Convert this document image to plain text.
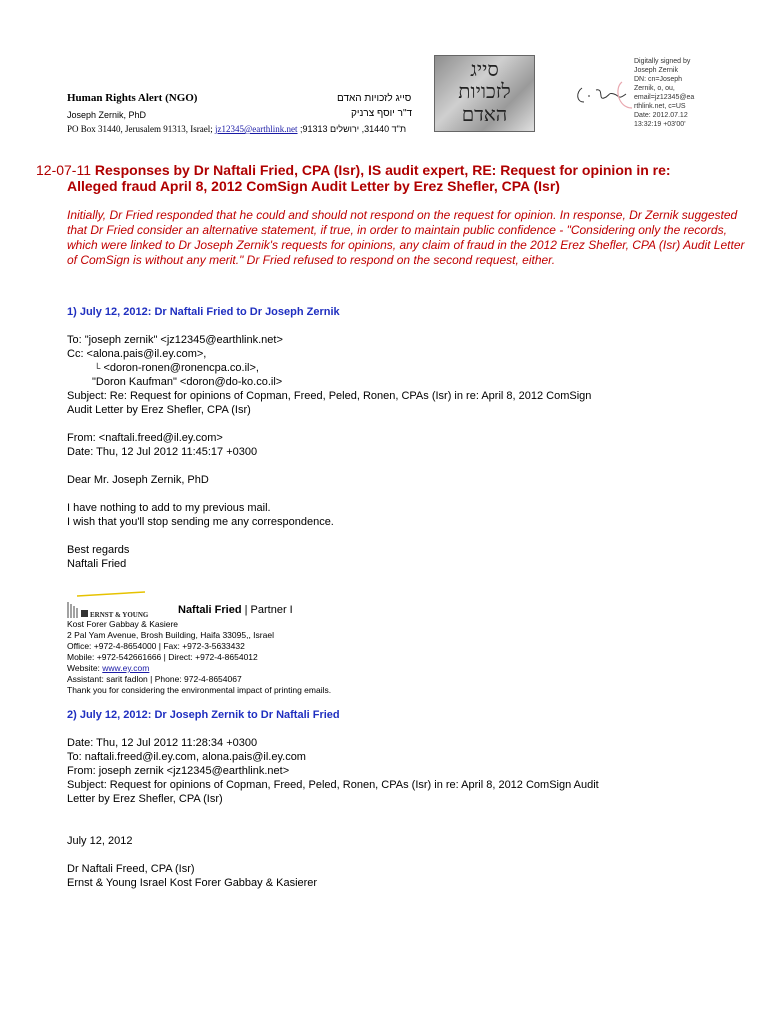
Human Rights Alert (NGO)
Joseph Zernik, PhD
PO Box 31440, Jerusalem 91313, Israel; jz12345@earthlink.net
סייג לזכויות האדם
ד"ר יוסף צרניק
ת"ד 31440, ירושלים 91313;
סייג
לזכויות
האדם
Digitally signed by
Joseph Zernik
DN: cn=Joseph
Zernik, o, ou,
email=jz12345@ea
rthlink.net, c=US
Date: 2012.07.12
13:32:19 +03'00'
12-07-11 Responses by Dr Naftali Fried, CPA (Isr), IS audit expert, RE: Request for opinion in re:
Alleged fraud April 8, 2012 ComSign Audit Letter by Erez Shefler, CPA (Isr)
Initially, Dr Fried responded that he could and should not respond on the request for opinion. In response, Dr Zernik suggested that Dr Fried consider an alternative statement, if true, in order to maintain public confidence - "Considering only the records, which were linked to Dr Joseph Zernik's requests for opinions, any claim of fraud in the 2012 Erez Shefler, CPA (Isr) Audit Letter of ComSign is without any merit." Dr Fried refused to respond on the second request, either.
1) July 12, 2012: Dr Naftali Fried to Dr Joseph Zernik
To: "joseph zernik" <jz12345@earthlink.net>
Cc: <alona.pais@il.ey.com>,
└ <doron-ronen@ronencpa.co.il>,
"Doron Kaufman" <doron@do-ko.co.il>
Subject: Re: Request for opinions of Copman, Freed, Peled, Ronen, CPAs (Isr) in re: April 8, 2012 ComSign
Audit Letter by Erez Shefler, CPA (Isr)
From: <naftali.freed@il.ey.com>
Date: Thu, 12 Jul 2012 11:45:17 +0300
Dear Mr. Joseph Zernik, PhD
I have nothing to add to my previous mail.
I wish that you'll stop sending me any correspondence.
Best regards
Naftali Fried
ERNST & YOUNG	Naftali Fried | Partner I
Kost Forer Gabbay & Kasiere
2 Pal Yam Avenue, Brosh Building, Haifa 33095,, Israel
Office: +972-4-8654000 | Fax: +972-3-5633432
Mobile: +972-542661666 | Direct: +972-4-8654012
Website: www.ey.com
Assistant: sarit fadlon | Phone: 972-4-8654067
Thank you for considering the environmental impact of printing emails.
2) July 12, 2012: Dr Joseph Zernik to Dr Naftali Fried
Date: Thu, 12 Jul 2012 11:28:34 +0300
To: naftali.freed@il.ey.com, alona.pais@il.ey.com
From: joseph zernik <jz12345@earthlink.net>
Subject: Request for opinions of Copman, Freed, Peled, Ronen, CPAs (Isr) in re: April 8, 2012 ComSign Audit
Letter by Erez Shefler, CPA (Isr)
July 12, 2012
Dr Naftali Freed, CPA (Isr)
Ernst & Young Israel Kost Forer Gabbay & Kasierer
